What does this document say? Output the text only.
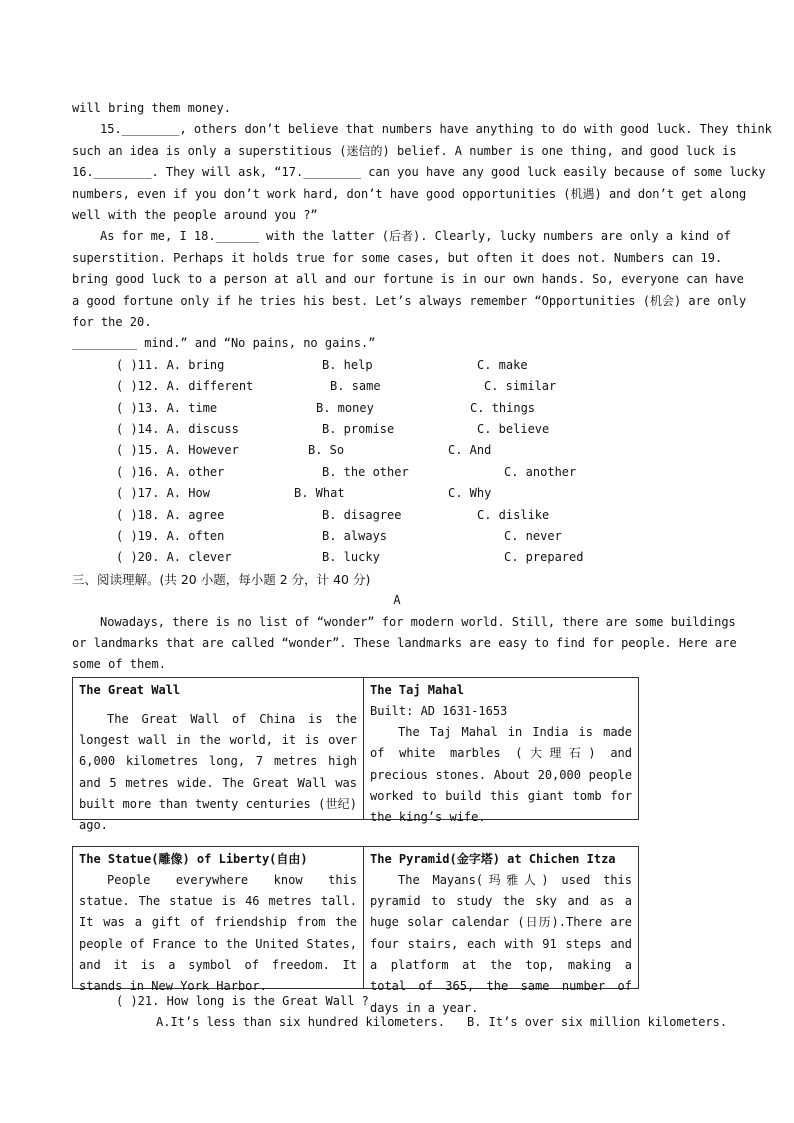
will bring them money.
15.________, others don’t believe that numbers have anything to do with good luck. They think
such an idea is only a superstitious (迷信的) belief. A number is one thing, and good luck is
16.________. They will ask, “17.________ can you have any good luck easily because of some lucky
numbers, even if you don’t work hard, don’t have good opportunities (机遇) and don’t get along
well with the people around you ?”
As for me, I 18.______ with the latter (后者). Clearly, lucky numbers are only a kind of
superstition. Perhaps it holds true for some cases, but often it does not. Numbers can 19.
bring good luck to a person at all and our fortune is in our own hands. So, everyone can have
a good fortune only if he tries his best. Let’s always remember “Opportunities (机会) are only
for the 20.
_________ mind.” and “No pains, no gains.”
( )11. A. bring	B. help	C. make
( )12. A. different	B. same	C. similar
( )13. A. time	B. money	C. things
( )14. A. discuss	B. promise	C. believe
( )15. A. However	B. So	C. And
( )16. A. other	B. the other	C. another
( )17. A. How	B. What	C. Why
( )18. A. agree	B. disagree	C. dislike
( )19. A. often	B. always	C. never
( )20. A. clever	B. lucky	C. prepared
三、阅读理解。(共 20 小题，每小题 2 分，计 40 分)
A
Nowadays, there is no list of “wonder” for modern world. Still, there are some buildings
or landmarks that are called “wonder”. These landmarks are easy to find for people. Here are
some of them.
The Great Wall
The Great Wall of China is the longest wall in the world, it is over 6,000 kilometres long, 7 metres high and 5 metres wide. The Great Wall was built more than twenty centuries (世纪) ago.

The Taj Mahal
Built: AD 1631-1653
The Taj Mahal in India is made of white marbles (大理石) and precious stones. About 20,000 people worked to build this giant tomb for the king’s wife.
The Statue(雕像) of Liberty(自由)
People everywhere know this statue. The statue is 46 metres tall. It was a gift of friendship from the people of France to the United States, and it is a symbol of freedom. It stands in New York Harbor.

The Pyramid(金字塔) at Chichen Itza
The Mayans(玛雅人) used this pyramid to study the sky and as a huge solar calendar (日历).There are four stairs, each with 91 steps and a platform at the top, making a total of 365, the same number of days in a year.
( )21. How long is the Great Wall ?
A.It’s less than six hundred kilometers. B. It’s over six million kilometers.
